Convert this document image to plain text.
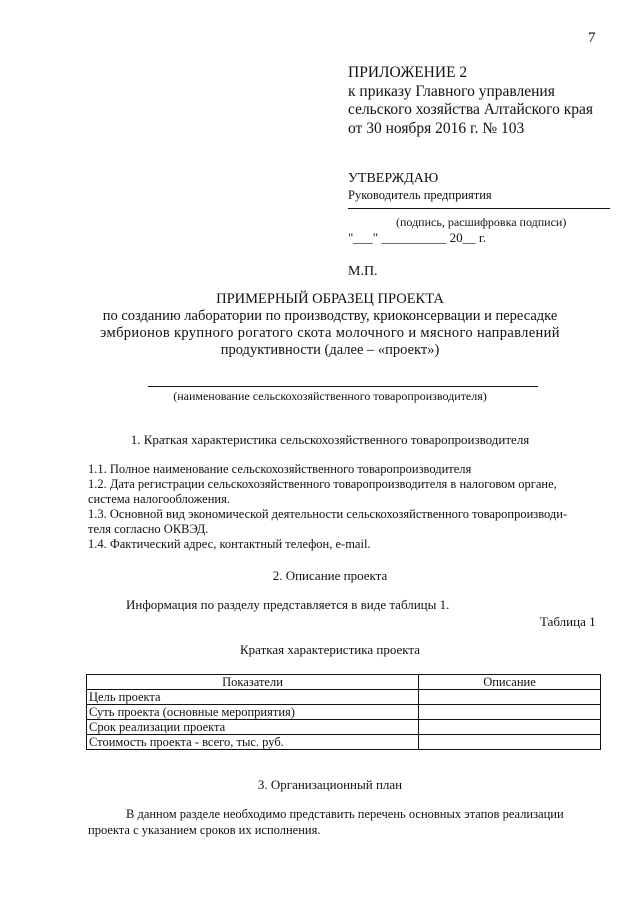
7
ПРИЛОЖЕНИЕ 2
к приказу Главного управления
сельского хозяйства Алтайского края
от 30 ноября 2016 г. № 103
УТВЕРЖДАЮ
Руководитель предприятия
(подпись, расшифровка подписи)
"___" __________ 20__ г.
М.П.
ПРИМЕРНЫЙ ОБРАЗЕЦ ПРОЕКТА
по созданию лаборатории по производству, криоконсервации и пересадке
эмбрионов крупного рогатого скота молочного и мясного направлений
продуктивности (далее – «проект»)
(наименование сельскохозяйственного товаропроизводителя)
1. Краткая характеристика сельскохозяйственного товаропроизводителя
1.1. Полное наименование сельскохозяйственного товаропроизводителя
1.2. Дата регистрации сельскохозяйственного товаропроизводителя в налоговом органе,
система налогообложения.
1.3. Основной вид экономической деятельности сельскохозяйственного товаропроизводи-
теля согласно ОКВЭД.
1.4. Фактический адрес, контактный телефон, e-mail.
2. Описание проекта
Информация по разделу представляется в виде таблицы 1.
Таблица 1
Краткая характеристика проекта
Показатели	Описание
Цель проекта	
Суть проекта (основные мероприятия)	
Срок реализации проекта	
Стоимость проекта - всего, тыс. руб.	
3. Организационный план
В данном разделе необходимо представить перечень основных этапов реализации
проекта с указанием сроков их исполнения.
